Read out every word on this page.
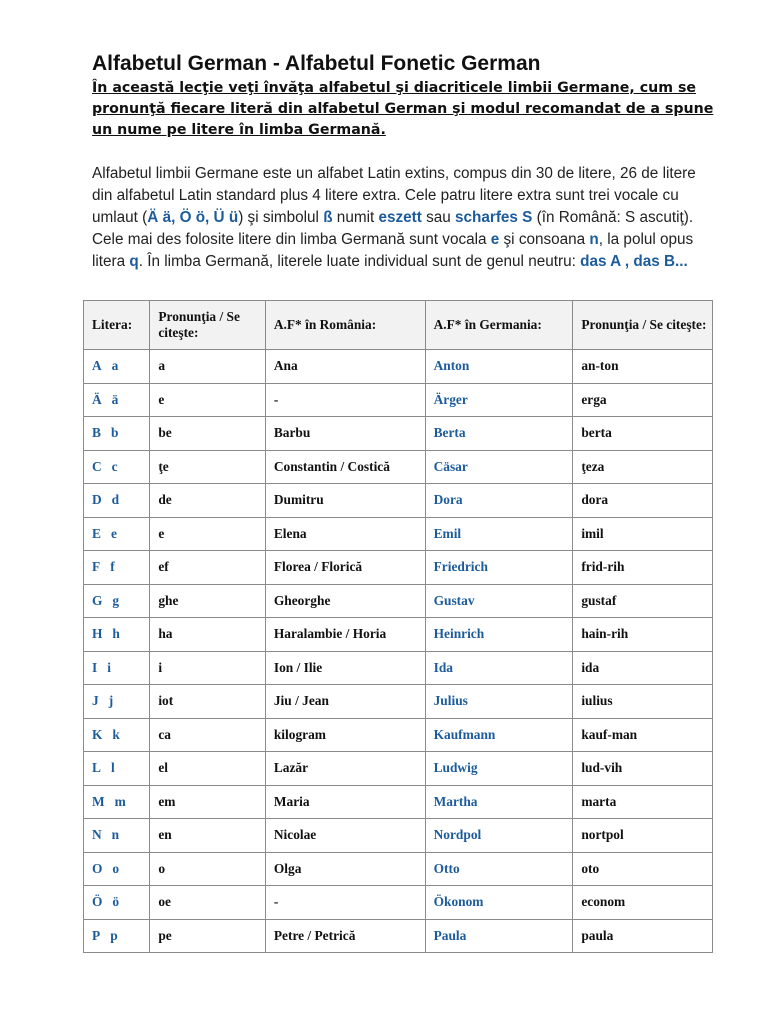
Alfabetul German - Alfabetul Fonetic German

În această lecţie veţi învăţa alfabetul şi diacriticele limbii Germane, cum se pronunţă fiecare literă din alfabetul German şi modul recomandat de a spune un nume pe litere în limba Germană.

Alfabetul limbii Germane este un alfabet Latin extins, compus din 30 de litere, 26 de litere din alfabetul Latin standard plus 4 litere extra. Cele patru litere extra sunt trei vocale cu umlaut (Ä ä, Ö ö, Ü ü) şi simbolul ß numit eszett sau scharfes S (în Română: S ascutiţ). Cele mai des folosite litere din limba Germană sunt vocala e şi consoana n, la polul opus litera q. În limba Germană, literele luate individual sunt de genul neutru: das A , das B...

Litera:	Pronunţia / Se citeşte:	A.F* în România:	A.F* în Germania:	Pronunţia / Se citeşte:
A a	a	Ana	Anton	an-ton
Ä ä	e	-	Ärger	erga
B b	be	Barbu	Berta	berta
C c	ţe	Constantin / Costică	Cäsar	ţeza
D d	de	Dumitru	Dora	dora
E e	e	Elena	Emil	imil
F f	ef	Florea / Florică	Friedrich	frid-rih
G g	ghe	Gheorghe	Gustav	gustaf
H h	ha	Haralambie / Horia	Heinrich	hain-rih
I i	i	Ion / Ilie	Ida	ida
J j	iot	Jiu / Jean	Julius	iulius
K k	ca	kilogram	Kaufmann	kauf-man
L l	el	Lazăr	Ludwig	lud-vih
M m	em	Maria	Martha	marta
N n	en	Nicolae	Nordpol	nortpol
O o	o	Olga	Otto	oto
Ö ö	oe	-	Ökonom	econom
P p	pe	Petre / Petrică	Paula	paula
